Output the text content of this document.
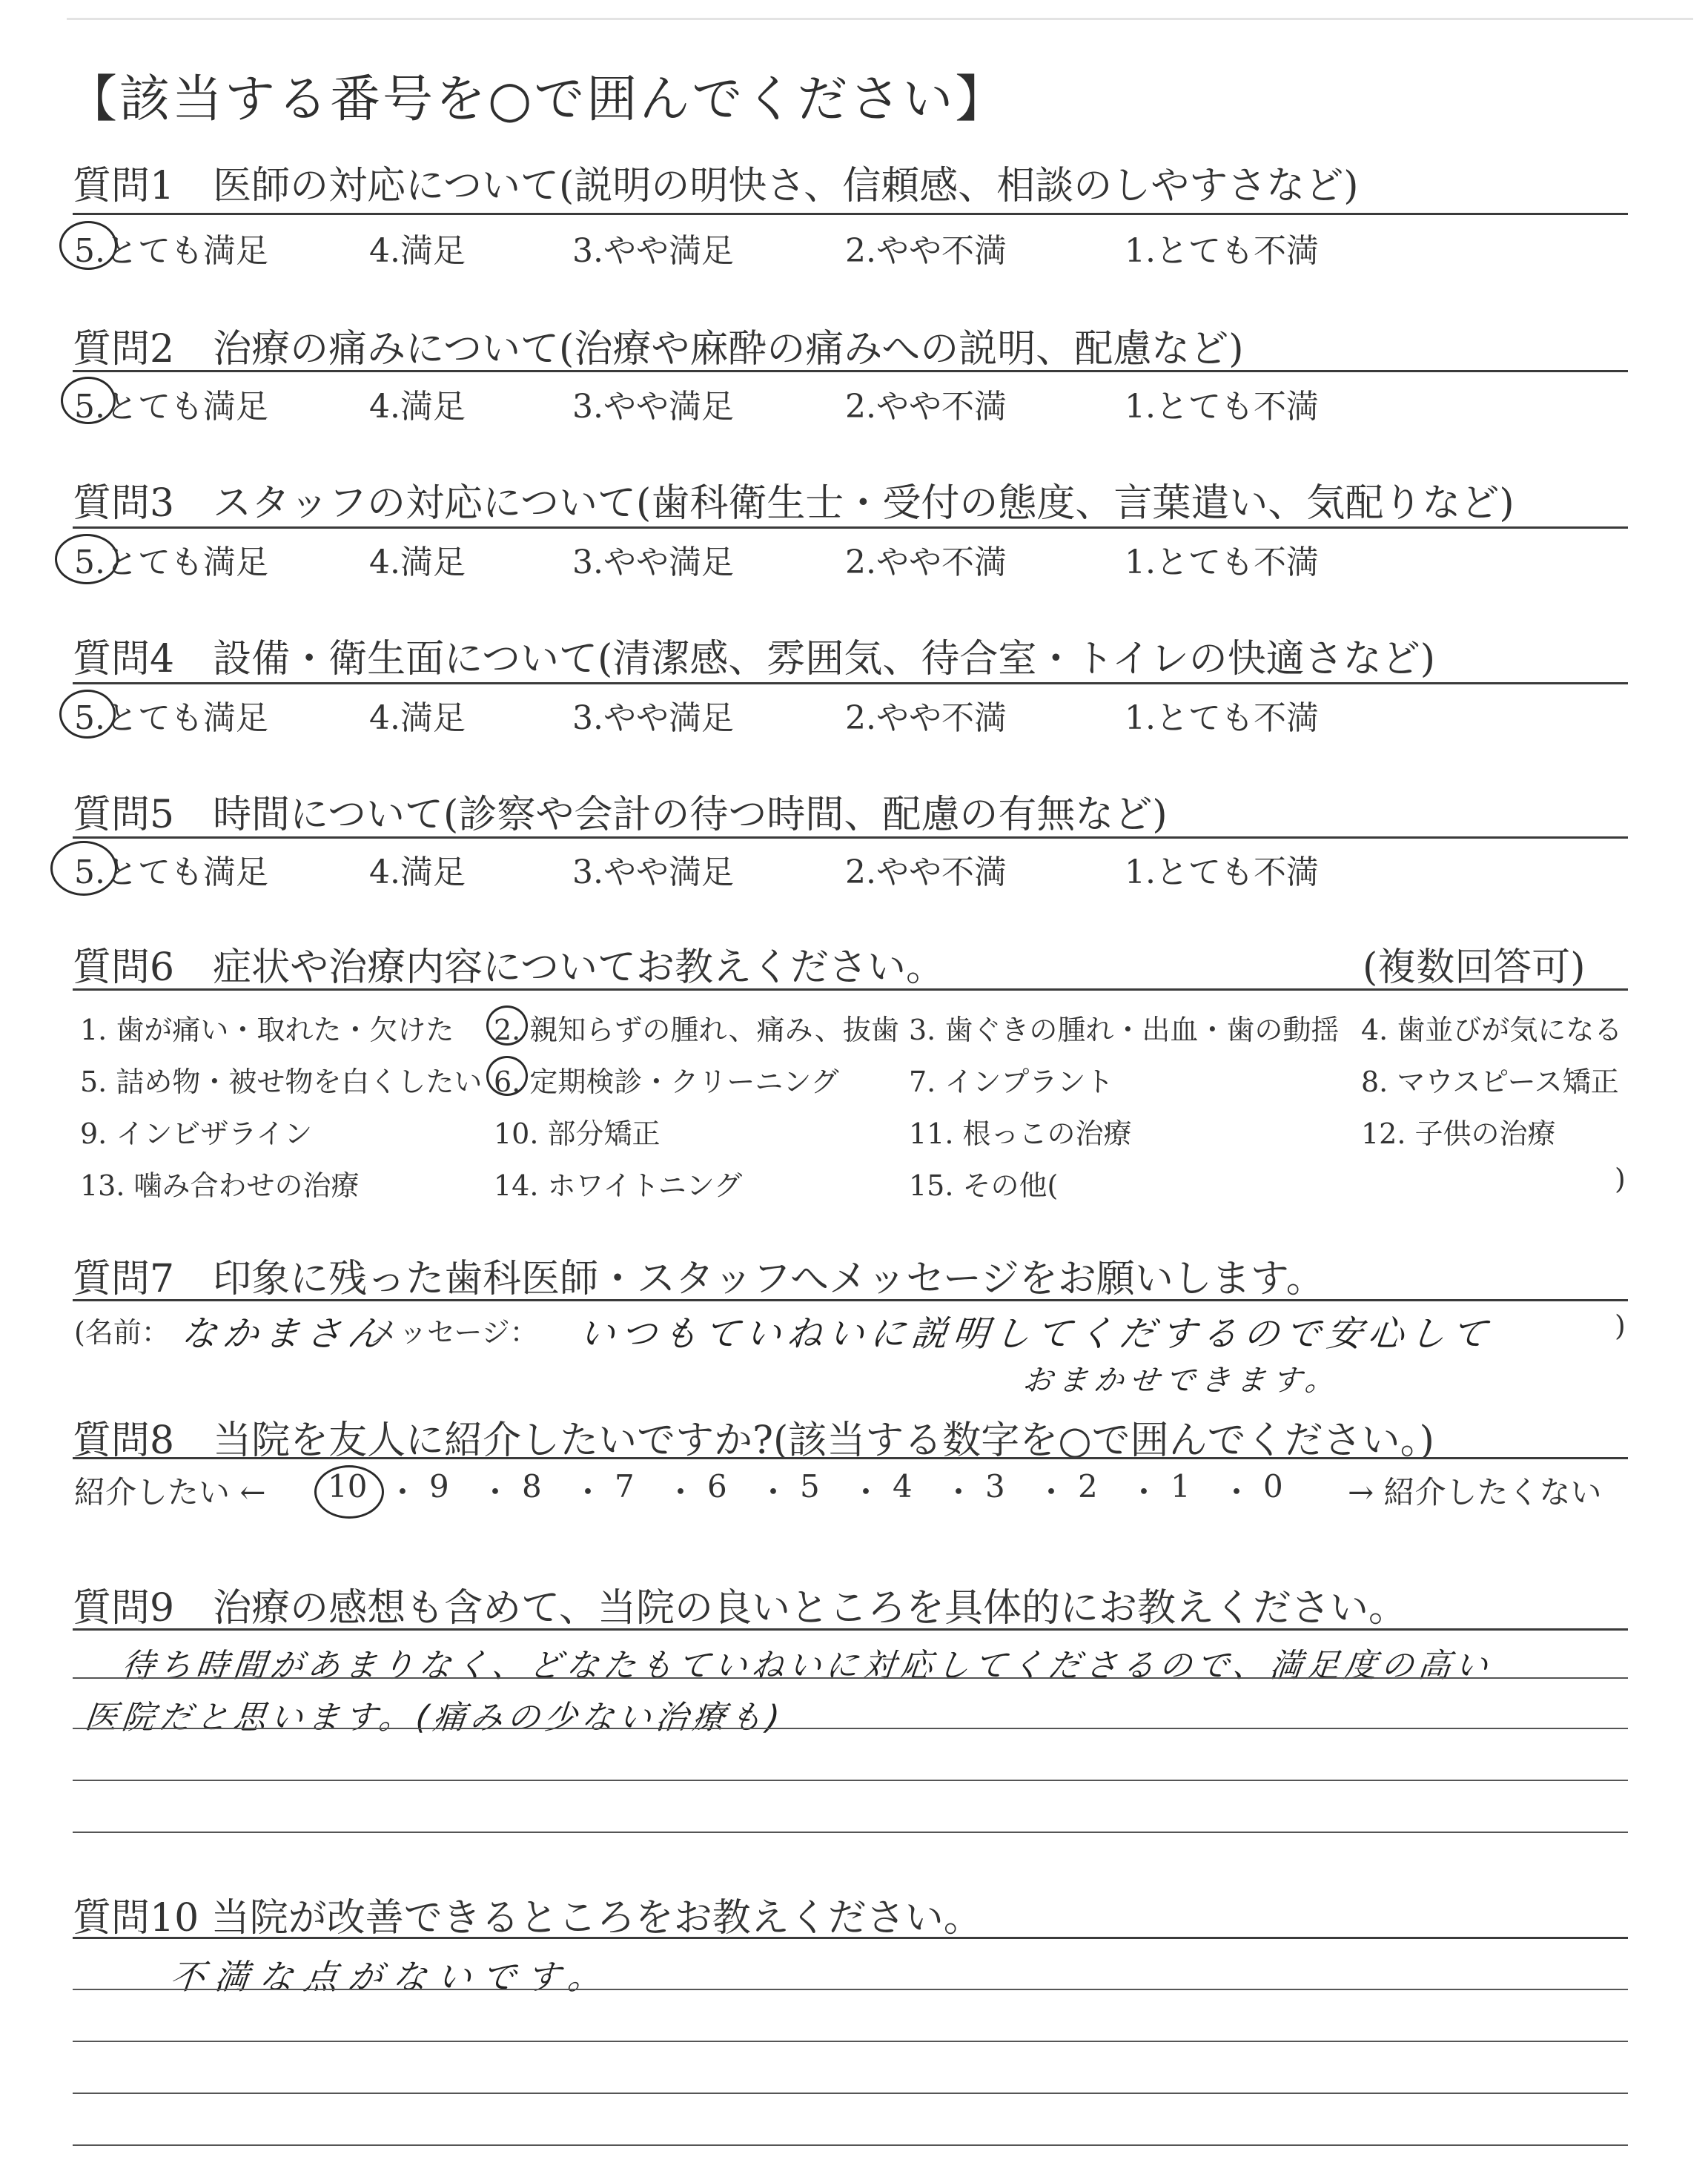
【該当する番号を○で囲んでください】
質問1　医師の対応について(説明の明快さ、信頼感、相談のしやすさなど)
5.とても満足	4.満足	3.やや満足	2.やや不満	1.とても不満
質問2　治療の痛みについて(治療や麻酔の痛みへの説明、配慮など)
5.とても満足	4.満足	3.やや満足	2.やや不満	1.とても不満
質問3　スタッフの対応について(歯科衛生士・受付の態度、言葉遣い、気配りなど)
5.とても満足	4.満足	3.やや満足	2.やや不満	1.とても不満
質問4　設備・衛生面について(清潔感、雰囲気、待合室・トイレの快適さなど)
5.とても満足	4.満足	3.やや満足	2.やや不満	1.とても不満
質問5　時間について(診察や会計の待つ時間、配慮の有無など)
5.とても満足	4.満足	3.やや満足	2.やや不満	1.とても不満
質問6　症状や治療内容についてお教えください。	(複数回答可)
1. 歯が痛い・取れた・欠けた 2. 親知らずの腫れ、痛み、抜歯 3. 歯ぐきの腫れ・出血・歯の動揺 4. 歯並びが気になる
5. 詰め物・被せ物を白くしたい 6. 定期検診・クリーニング 7. インプラント	8. マウスピース矯正
9. インビザライン	10. 部分矯正	11. 根っこの治療	12. 子供の治療
13. 噛み合わせの治療	14. ホワイトニング	15. その他(	)
質問7　印象に残った歯科医師・スタッフへメッセージをお願いします。
(名前： なかまさん
メッセージ： いつもていねいに説明してくだするので安心して
おまかせできます。
)
質問8　当院を友人に紹介したいですか?(該当する数字を○で囲んでください。)
紹介したい ← 10 ・ 9 ・ 8 ・ 7 ・ 6 ・ 5 ・ 4 ・ 3 ・ 2 ・ 1 ・ 0 → 紹介したくない
質問9　治療の感想も含めて、当院の良いところを具体的にお教えください。
待ち時間があまりなく、どなたもていねいに対応してくださるので、満足度の高い
医院だと思います。(痛みの少ない治療も)
質問10 当院が改善できるところをお教えください。
不満な点がないです。
